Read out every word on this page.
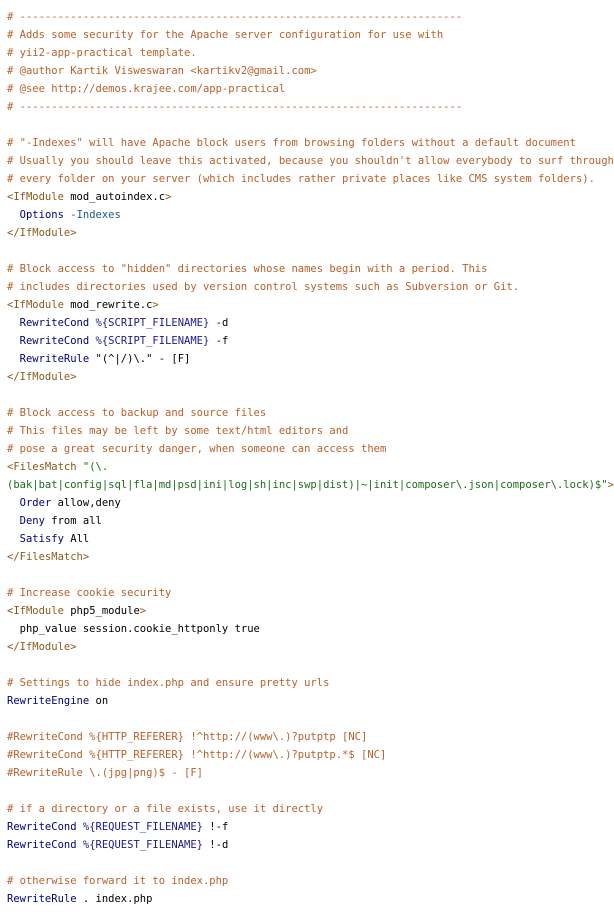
# ----------------------------------------------------------------------
# Adds some security for the Apache server configuration for use with
# yii2-app-practical template.
# @author Kartik Visweswaran <kartikv2@gmail.com>
# @see http://demos.krajee.com/app-practical
# ----------------------------------------------------------------------
# "-Indexes" will have Apache block users from browsing folders without a default document
# Usually you should leave this activated, because you shouldn't allow everybody to surf through
# every folder on your server (which includes rather private places like CMS system folders).
<IfModule mod_autoindex.c>
Options -Indexes
</IfModule>
# Block access to "hidden" directories whose names begin with a period. This
# includes directories used by version control systems such as Subversion or Git.
<IfModule mod_rewrite.c>
RewriteCond %{SCRIPT_FILENAME} -d
RewriteCond %{SCRIPT_FILENAME} -f
RewriteRule "(^|/)\." - [F]
</IfModule>
# Block access to backup and source files
# This files may be left by some text/html editors and
# pose a great security danger, when someone can access them
<FilesMatch "(\.
(bak|bat|config|sql|fla|md|psd|ini|log|sh|inc|swp|dist)|~|init|composer\.json|composer\.lock)$">
Order allow,deny
Deny from all
Satisfy All
</FilesMatch>
# Increase cookie security
<IfModule php5_module>
php_value session.cookie_httponly true
</IfModule>
# Settings to hide index.php and ensure pretty urls
RewriteEngine on
#RewriteCond %{HTTP_REFERER} !^http://(www\.)?putptp [NC]
#RewriteCond %{HTTP_REFERER} !^http://(www\.)?putptp.*$ [NC]
#RewriteRule \.(jpg|png)$ - [F]
# if a directory or a file exists, use it directly
RewriteCond %{REQUEST_FILENAME} !-f
RewriteCond %{REQUEST_FILENAME} !-d
# otherwise forward it to index.php
RewriteRule . index.php
